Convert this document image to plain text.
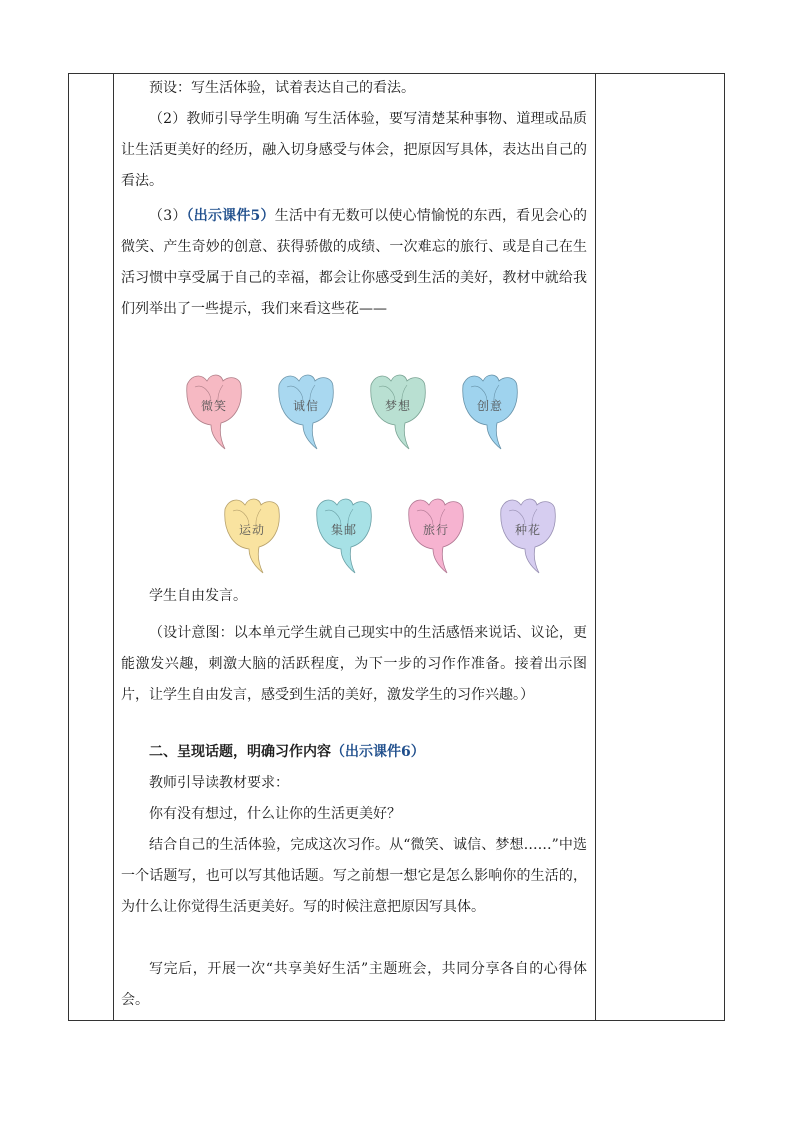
预设：写生活体验，试着表达自己的看法。

（2）教师引导学生明确 写生活体验，要写清楚某种事物、道理或品质让生活更美好的经历，融入切身感受与体会，把原因写具体，表达出自己的看法。

（3）（出示课件5）生活中有无数可以使心情愉悦的东西，看见会心的微笑、产生奇妙的创意、获得骄傲的成绩、一次难忘的旅行、或是自己在生活习惯中享受属于自己的幸福，都会让你感受到生活的美好，教材中就给我们列举出了一些提示，我们来看这些花——

微笑	诚信	梦想	创意
运动	集邮	旅行	种花

学生自由发言。

（设计意图：以本单元学生就自己现实中的生活感悟来说话、议论，更能激发兴趣，刺激大脑的活跃程度，为下一步的习作作准备。接着出示图片，让学生自由发言，感受到生活的美好，激发学生的习作兴趣。）

二、呈现话题，明确习作内容（出示课件6）

教师引导读教材要求：

你有没有想过，什么让你的生活更美好？

结合自己的生活体验，完成这次习作。从“微笑、诚信、梦想……”中选一个话题写，也可以写其他话题。写之前想一想它是怎么影响你的生活的，为什么让你觉得生活更美好。写的时候注意把原因写具体。

写完后，开展一次“共享美好生活”主题班会，共同分享各自的心得体会。
